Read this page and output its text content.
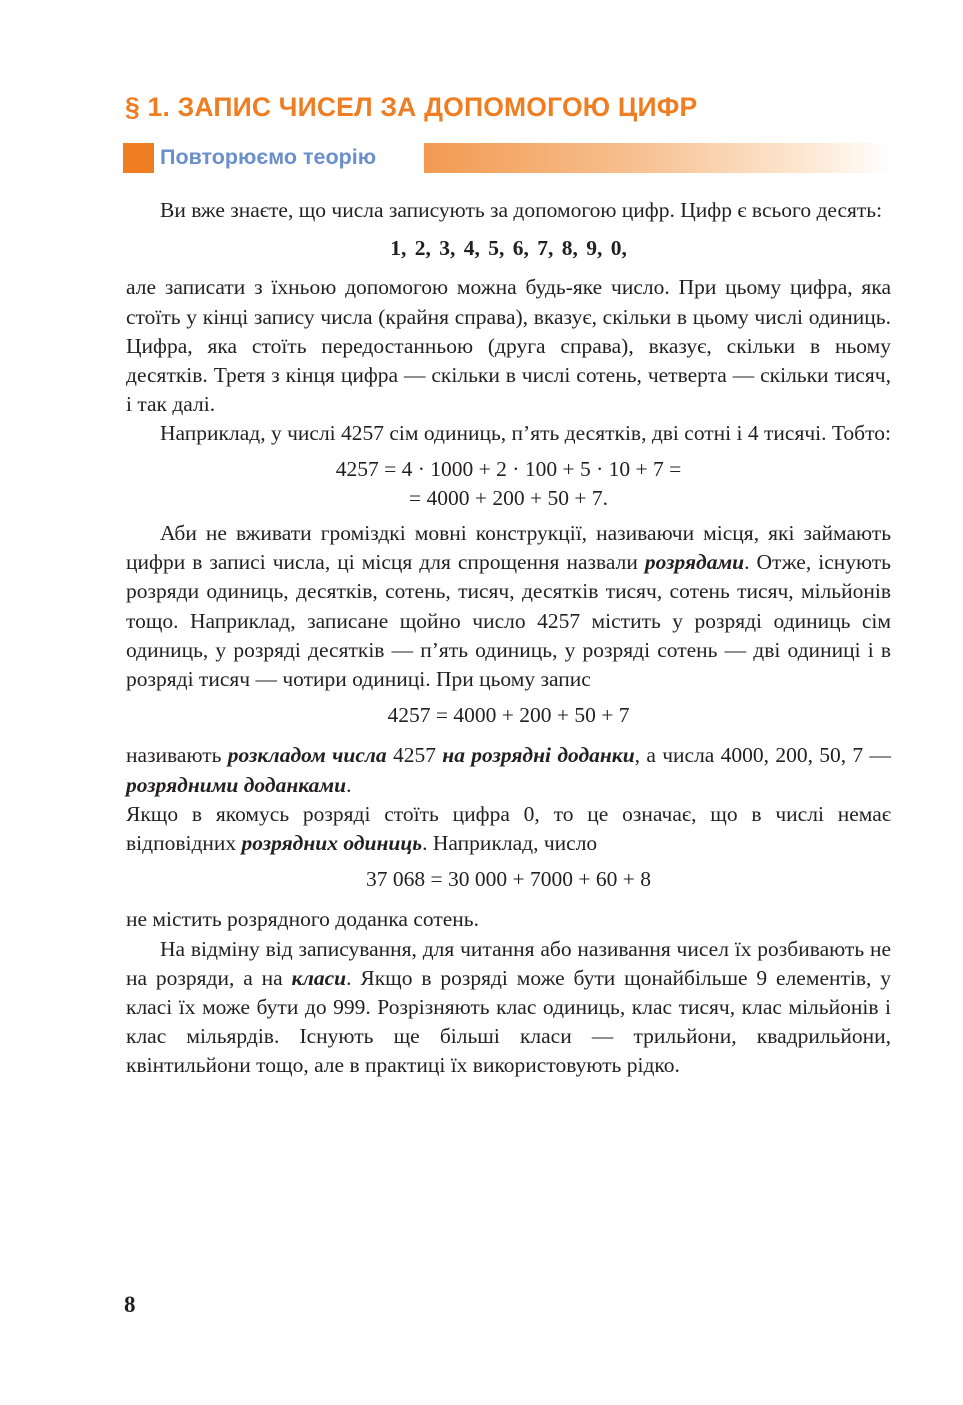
§ 1. ЗАПИС ЧИСЕЛ ЗА ДОПОМОГОЮ ЦИФР
Повторюємо теорію

Ви вже знаєте, що числа записують за допомогою цифр. Цифр є всього десять:

1, 2, 3, 4, 5, 6, 7, 8, 9, 0,

але записати з їхньою допомогою можна будь-яке число. При цьому цифра, яка стоїть у кінці запису числа (крайня справа), вказує, скільки в цьому числі одиниць. Цифра, яка стоїть передостанньою (друга справа), вказує, скільки в ньому десятків. Третя з кінця цифра — скільки в числі сотень, четверта — скільки тисяч, і так далі.

Наприклад, у числі 4257 сім одиниць, п’ять десятків, дві сотні і 4 тисячі. Тобто:

4257 = 4 · 1000 + 2 · 100 + 5 · 10 + 7 =
= 4000 + 200 + 50 + 7.

Аби не вживати громіздкі мовні конструкції, називаючи місця, які займають цифри в записі числа, ці місця для спрощення назвали розрядами. Отже, існують розряди одиниць, десятків, сотень, тисяч, десятків тисяч, сотень тисяч, мільйонів тощо. Наприклад, записане щойно число 4257 містить у розряді одиниць сім одиниць, у розряді десятків — п’ять одиниць, у розряді сотень — дві одиниці і в розряді тисяч — чотири одиниці. При цьому запис

4257 = 4000 + 200 + 50 + 7

називають розкладом числа 4257 на розрядні доданки, а числа 4000, 200, 50, 7 — розрядними доданками.

Якщо в якомусь розряді стоїть цифра 0, то це означає, що в числі немає відповідних розрядних одиниць. Наприклад, число

37 068 = 30 000 + 7000 + 60 + 8

не містить розрядного доданка сотень.

На відміну від записування, для читання або називання чисел їх розбивають не на розряди, а на класи. Якщо в розряді може бути щонайбільше 9 елементів, у класі їх може бути до 999. Розрізняють клас одиниць, клас тисяч, клас мільйонів і клас мільярдів. Існують ще більші класи — трильйони, квадрильйони, квінтильйони тощо, але в практиці їх використовують рідко.

8
